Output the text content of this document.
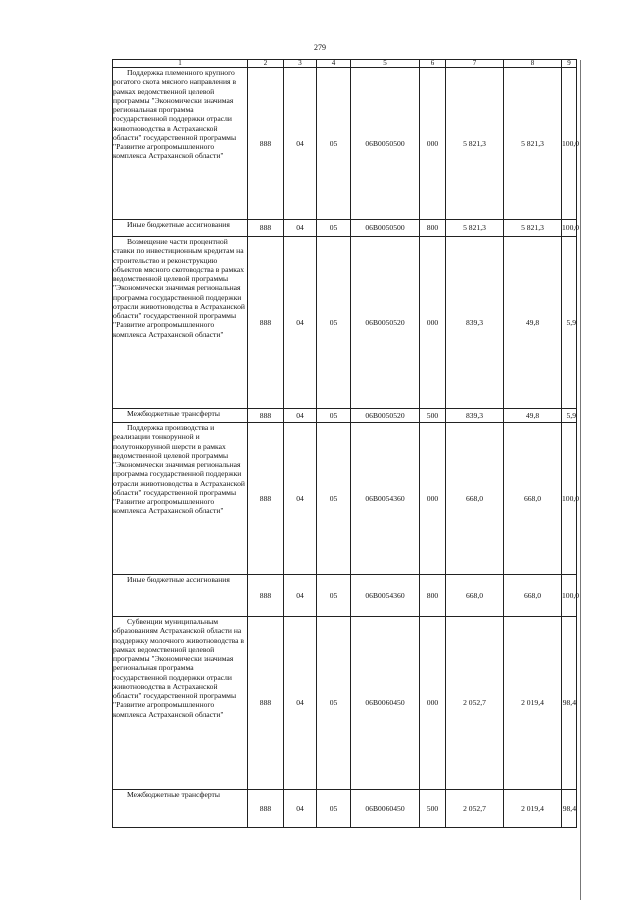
279
1	2	3	4	5	6	7	8	9

Поддержка племенного крупного рогатого скота мясного направления в рамках ведомственной целевой программы "Экономически значимая региональная программа государственной поддержки отрасли животноводства в Астраханской области" государственной программы "Развитие агропромышленного комплекса Астраханской области"	888	04	05	06В0050500	000	5 821,3	5 821,3	100,0

Иные бюджетные ассигнования	888	04	05	06В0050500	800	5 821,3	5 821,3	100,0

Возмещение части процентной ставки по инвестиционным кредитам на строительство и реконструкцию объектов мясного скотоводства в рамках ведомственной целевой программы "Экономически значимая региональная программа государственной поддержки отрасли животноводства в Астраханской области" государственной программы "Развитие агропромышленного комплекса Астраханской области"	888	04	05	06В0050520	000	839,3	49,8	5,9

Межбюджетные трансферты	888	04	05	06В0050520	500	839,3	49,8	5,9

Поддержка производства и реализации тонкорунной и полутонкорунной шерсти в рамках ведомственной целевой программы "Экономически значимая региональная программа государственной поддержки отрасли животноводства в Астраханской области" государственной программы "Развитие агропромышленного комплекса Астраханской области"	888	04	05	06В0054360	000	668,0	668,0	100,0

Иные бюджетные ассигнования	888	04	05	06В0054360	800	668,0	668,0	100,0

Субвенции муниципальным образованиям Астраханской области на поддержку молочного животноводства в рамках ведомственной целевой программы "Экономически значимая региональная программа государственной поддержки отрасли животноводства в Астраханской области" государственной программы "Развитие агропромышленного комплекса Астраханской области"	888	04	05	06В0060450	000	2 052,7	2 019,4	98,4

Межбюджетные трансферты	888	04	05	06В0060450	500	2 052,7	2 019,4	98,4
